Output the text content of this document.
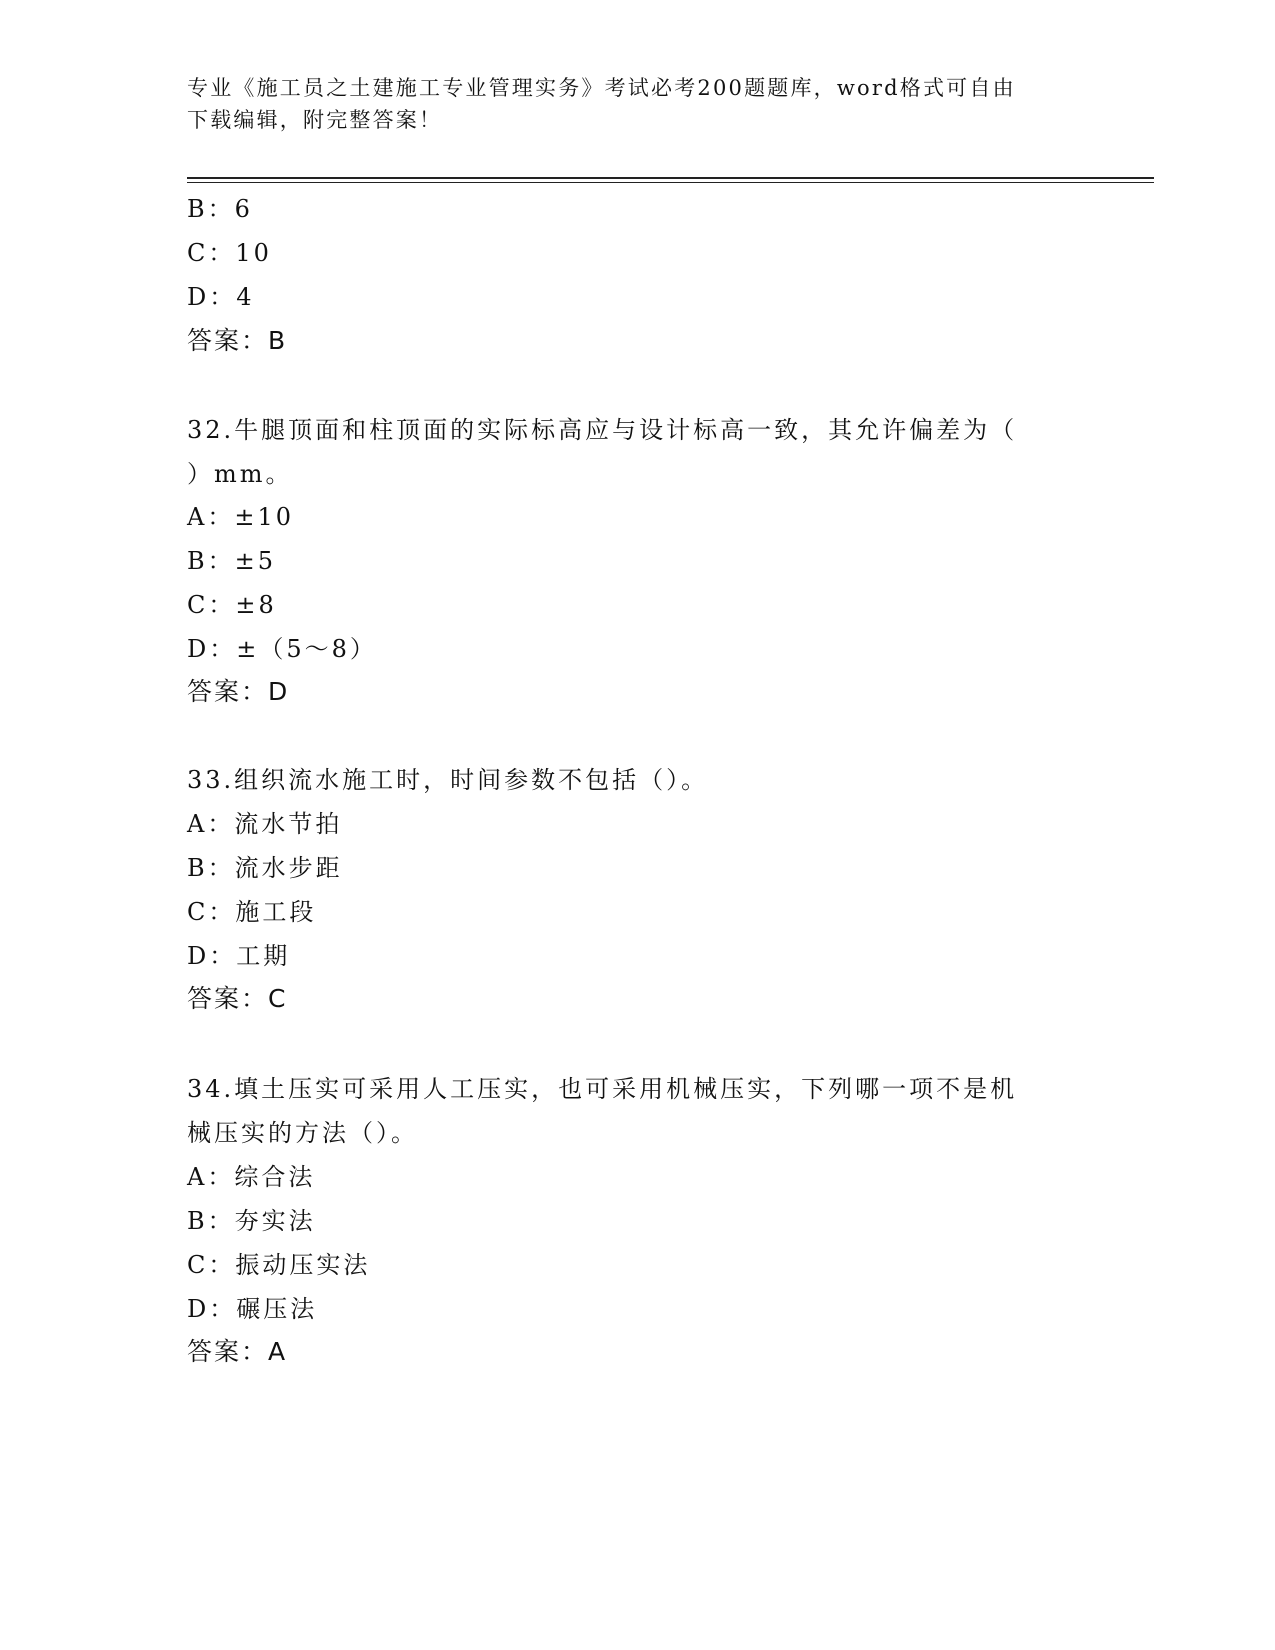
专业《施工员之土建施工专业管理实务》考试必考200题题库，word格式可自由
下载编辑，附完整答案！
B：6
C：10
D：4
答案：B
32.牛腿顶面和柱顶面的实际标高应与设计标高一致，其允许偏差为（
）mm。
A：±10
B：±5
C：±8
D：±（5～8）
答案：D
33.组织流水施工时，时间参数不包括（）。
A：流水节拍
B：流水步距
C：施工段
D：工期
答案：C
34.填土压实可采用人工压实，也可采用机械压实，下列哪一项不是机
械压实的方法（）。
A：综合法
B：夯实法
C：振动压实法
D：碾压法
答案：A
